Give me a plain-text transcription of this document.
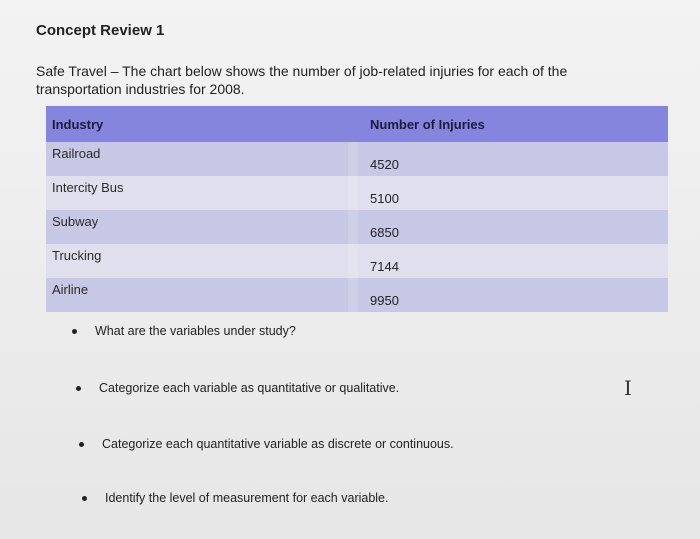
Concept Review 1
Safe Travel – The chart below shows the number of job-related injuries for each of the transportation industries for 2008.
Industry		Number of Injuries
Railroad		4520
Intercity Bus		5100
Subway		6850
Trucking		7144
Airline		9950
What are the variables under study?
Categorize each variable as quantitative or qualitative.
Categorize each quantitative variable as discrete or continuous.
Identify the level of measurement for each variable.
I
